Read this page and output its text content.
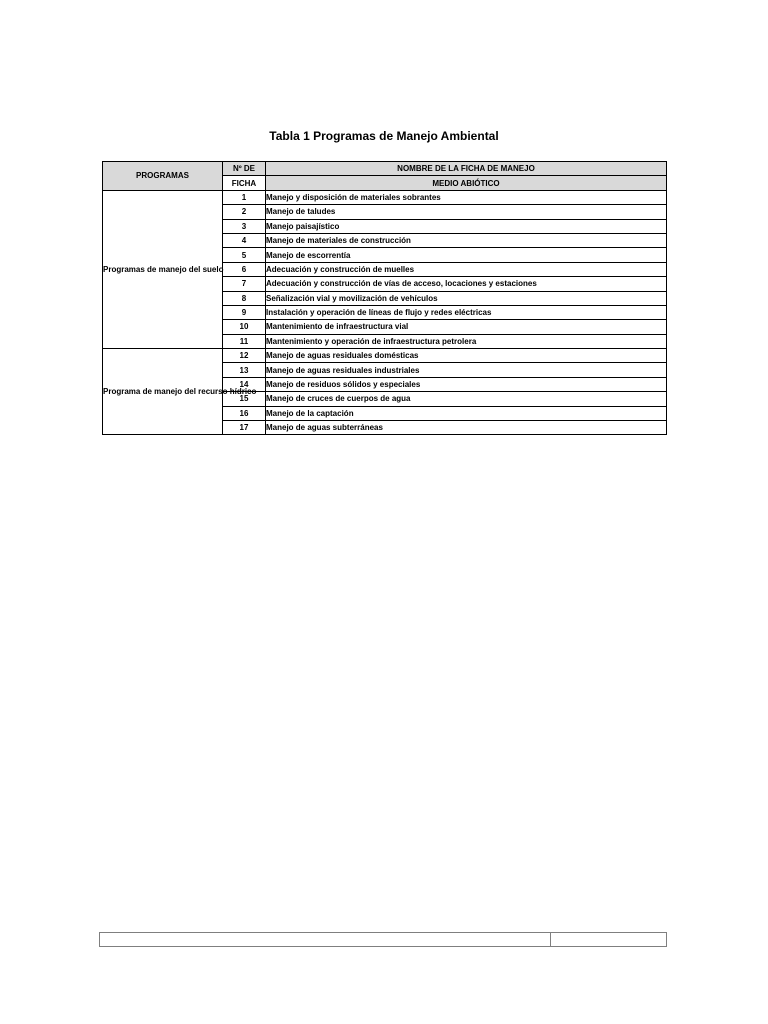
Tabla 1 Programas de Manejo Ambiental
PROGRAMAS	Nº DE	NOMBRE DE LA FICHA DE MANEJO
	FICHA	MEDIO ABIÓTICO
Programas de manejo del suelo	1	Manejo y disposición de materiales sobrantes
	2	Manejo de taludes
	3	Manejo paisajístico
	4	Manejo de materiales de construcción
	5	Manejo de escorrentía
	6	Adecuación y construcción de muelles
	7	Adecuación y construcción de vías de acceso, locaciones y estaciones
	8	Señalización vial y movilización de vehículos
	9	Instalación y operación de líneas de flujo y redes eléctricas
	10	Mantenimiento de infraestructura vial
	11	Mantenimiento y operación de infraestructura petrolera
Programa de manejo del recurso hídrico	12	Manejo de aguas residuales domésticas
	13	Manejo de aguas residuales industriales
	14	Manejo de residuos sólidos y especiales
	15	Manejo de cruces de cuerpos de agua
	16	Manejo de la captación
	17	Manejo de aguas subterráneas
